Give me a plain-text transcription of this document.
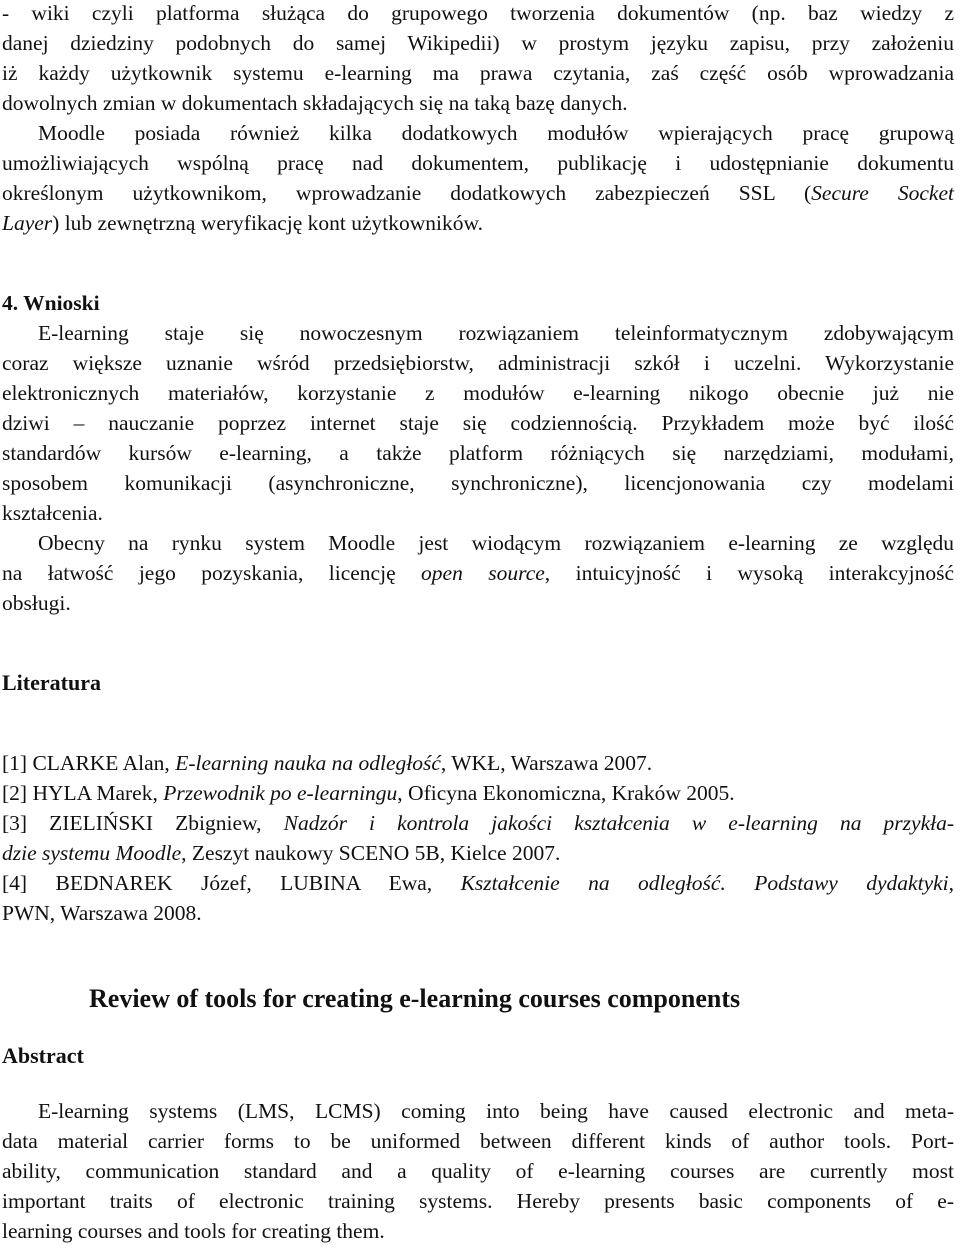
- wiki czyli platforma służąca do grupowego tworzenia dokumentów (np. baz wiedzy z
danej dziedziny podobnych do samej Wikipedii) w prostym języku zapisu, przy założeniu
iż każdy użytkownik systemu e-learning ma prawa czytania, zaś część osób wprowadzania
dowolnych zmian w dokumentach składających się na taką bazę danych.
Moodle posiada również kilka dodatkowych modułów wpierających pracę grupową
umożliwiających wspólną pracę nad dokumentem, publikację i udostępnianie dokumentu
określonym użytkownikom, wprowadzanie dodatkowych zabezpieczeń SSL (Secure Socket
Layer) lub zewnętrzną weryfikację kont użytkowników.
4. Wnioski
E-learning staje się nowoczesnym rozwiązaniem teleinformatycznym zdobywającym
coraz większe uznanie wśród przedsiębiorstw, administracji szkół i uczelni. Wykorzystanie
elektronicznych materiałów, korzystanie z modułów e-learning nikogo obecnie już nie
dziwi – nauczanie poprzez internet staje się codziennością. Przykładem może być ilość
standardów kursów e-learning, a także platform różniących się narzędziami, modułami,
sposobem komunikacji (asynchroniczne, synchroniczne), licencjonowania czy modelami
kształcenia.
Obecny na rynku system Moodle jest wiodącym rozwiązaniem e-learning ze względu
na łatwość jego pozyskania, licencję open source, intuicyjność i wysoką interakcyjność
obsługi.
Literatura
[1] CLARKE Alan, E-learning nauka na odległość, WKŁ, Warszawa 2007.
[2] HYLA Marek, Przewodnik po e-learningu, Oficyna Ekonomiczna, Kraków 2005.
[3] ZIELIŃSKI Zbigniew, Nadzór i kontrola jakości kształcenia w e-learning na przykła-
dzie systemu Moodle, Zeszyt naukowy SCENO 5B, Kielce 2007.
[4] BEDNAREK Józef, LUBINA Ewa, Kształcenie na odległość. Podstawy dydaktyki,
PWN, Warszawa 2008.
Review of tools for creating e-learning courses components
Abstract
E-learning systems (LMS, LCMS) coming into being have caused electronic and meta-
data material carrier forms to be uniformed between different kinds of author tools. Port-
ability, communication standard and a quality of e-learning courses are currently most
important traits of electronic training systems. Hereby presents basic components of e-
learning courses and tools for creating them.
